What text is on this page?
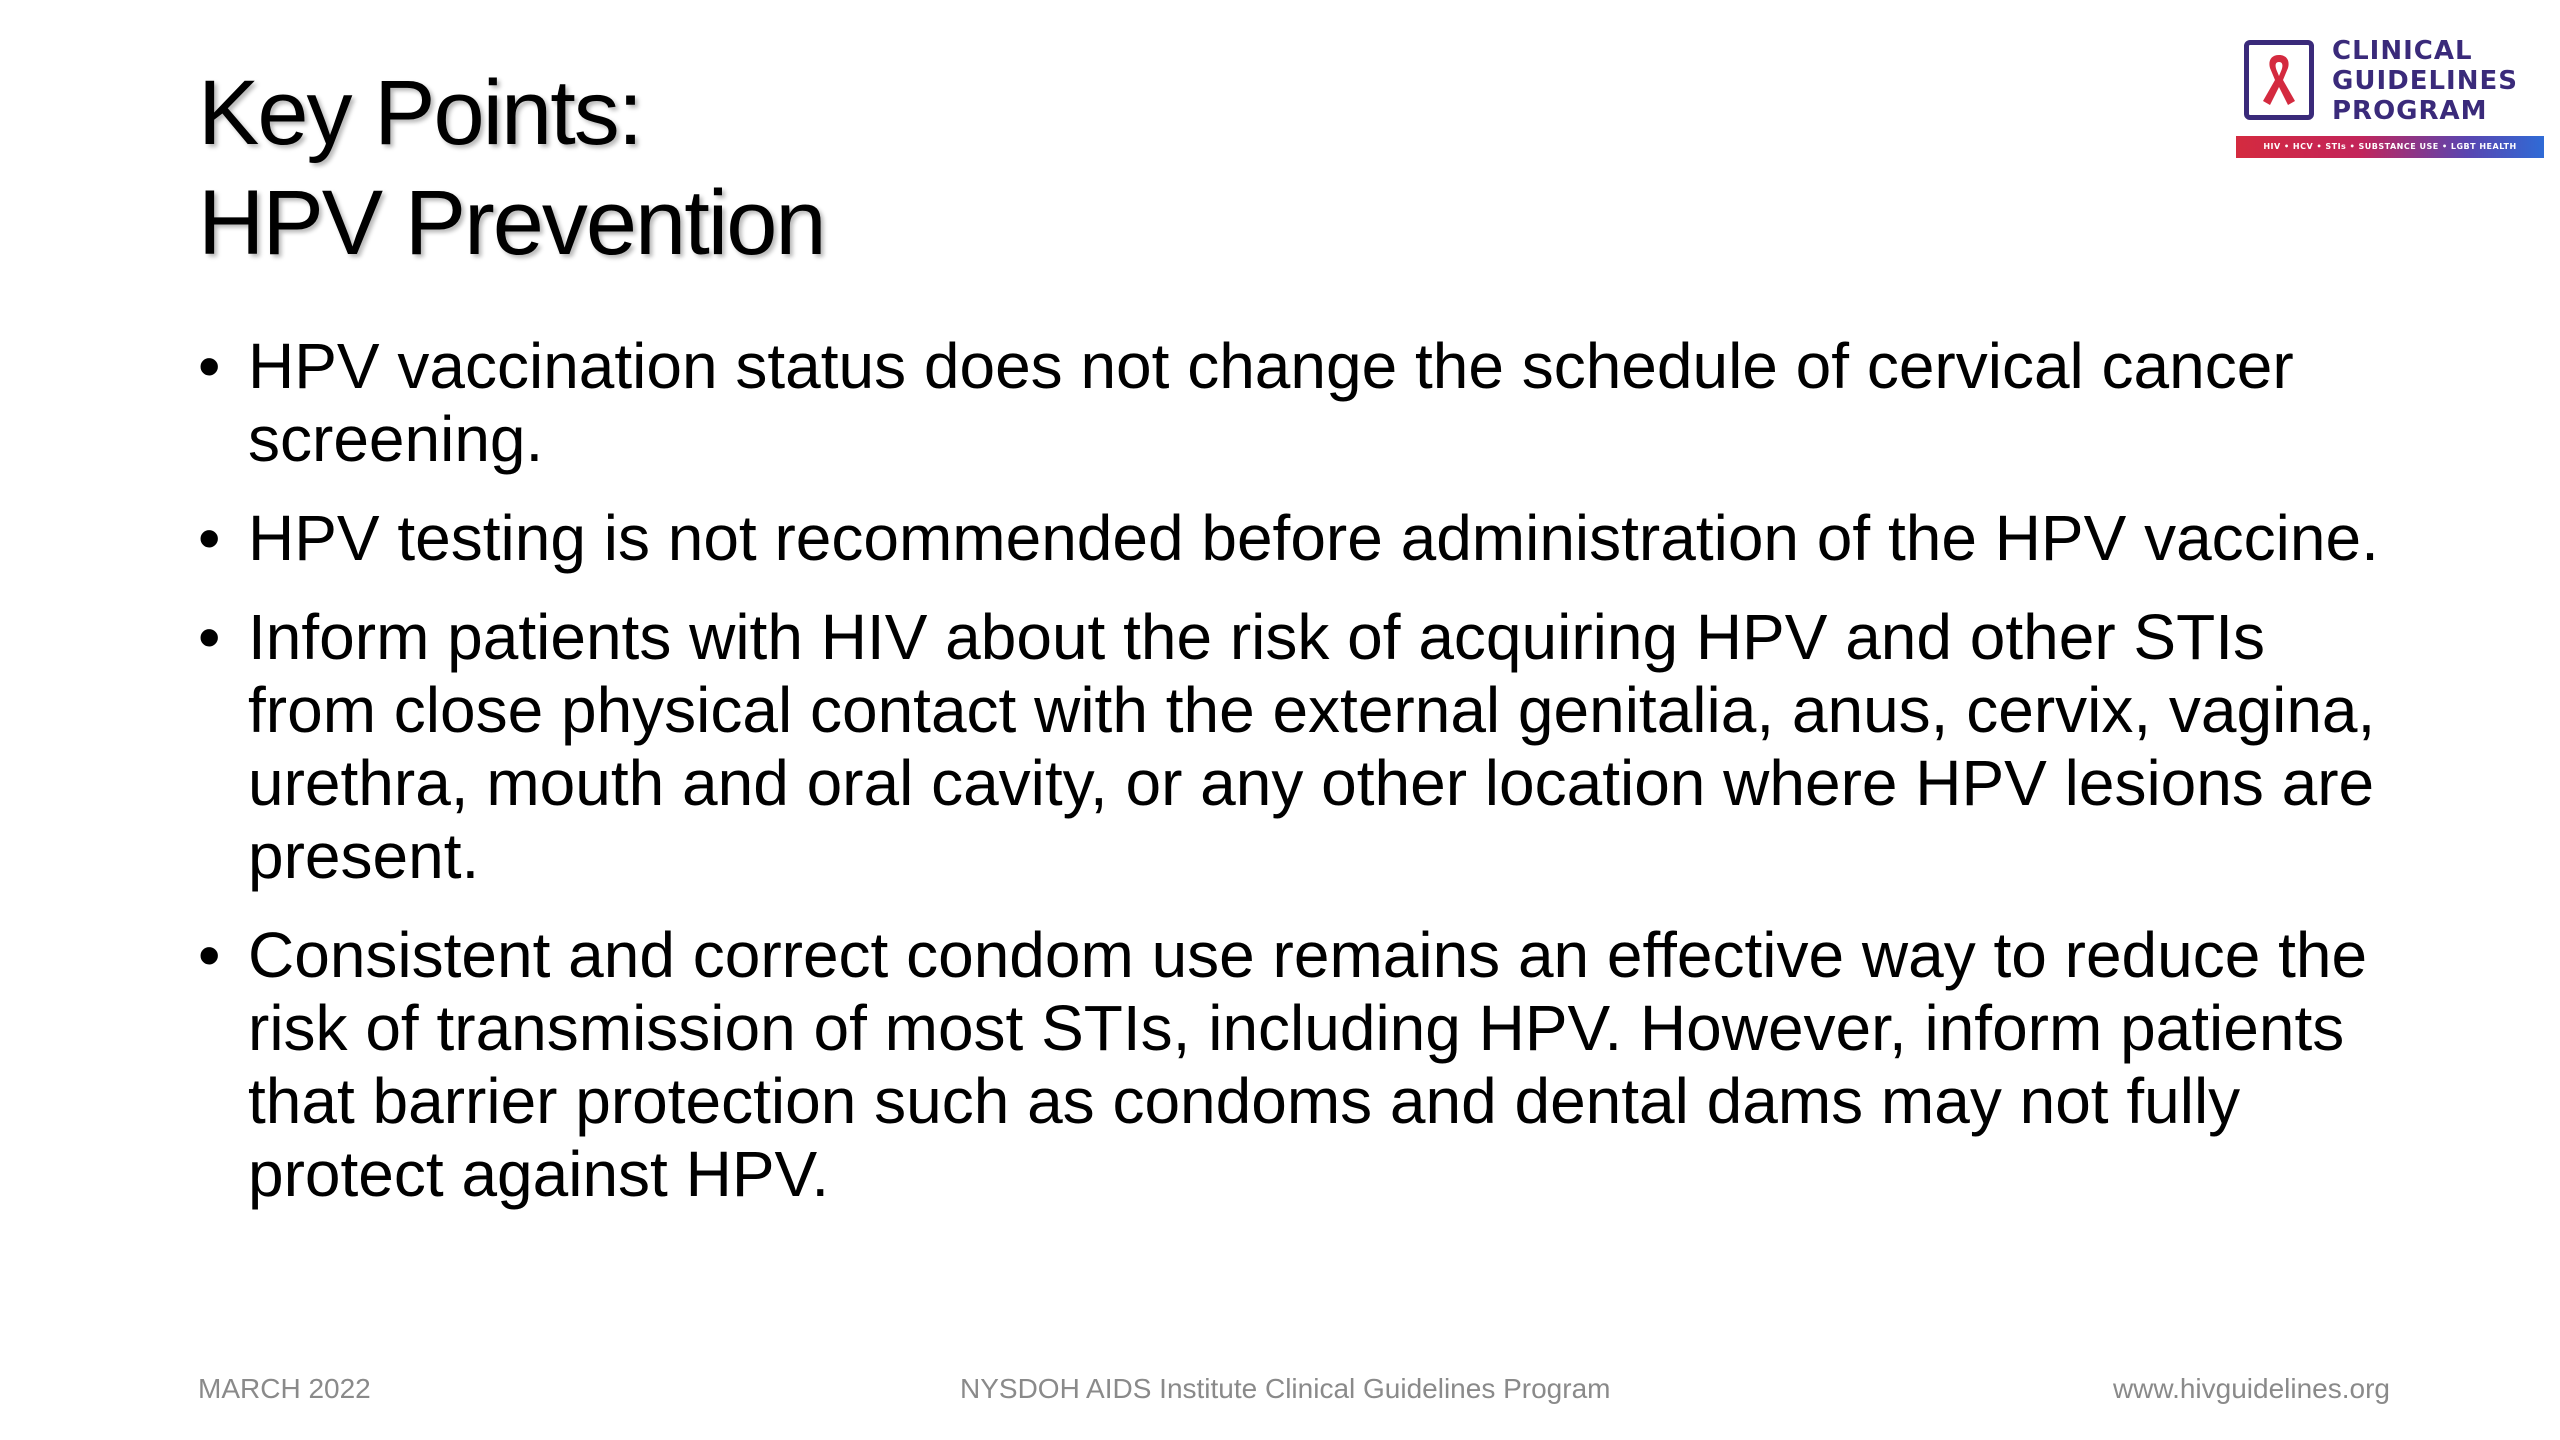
Key Points:
HPV Prevention
CLINICAL
GUIDELINES
PROGRAM
HIV • HCV • STIs • SUBSTANCE USE • LGBT HEALTH
• HPV vaccination status does not change the schedule of cervical cancer screening.
• HPV testing is not recommended before administration of the HPV vaccine.
• Inform patients with HIV about the risk of acquiring HPV and other STIs from close physical contact with the external genitalia, anus, cervix, vagina, urethra, mouth and oral cavity, or any other location where HPV lesions are present.
• Consistent and correct condom use remains an effective way to reduce the risk of transmission of most STIs, including HPV. However, inform patients that barrier protection such as condoms and dental dams may not fully protect against HPV.
MARCH 2022	NYSDOH AIDS Institute Clinical Guidelines Program	www.hivguidelines.org
